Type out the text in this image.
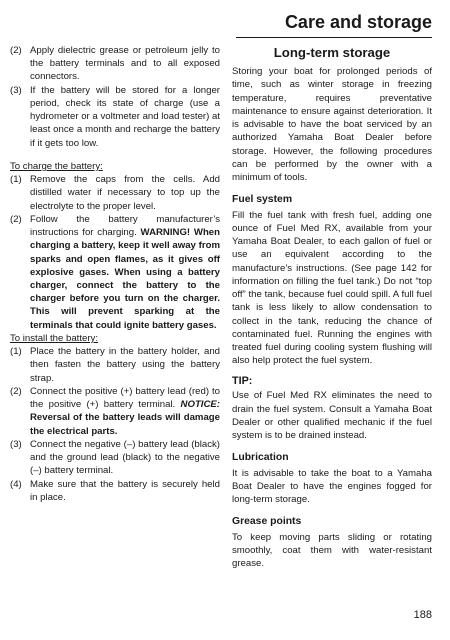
Care and storage
(2) Apply dielectric grease or petroleum jelly to the battery terminals and to all exposed connectors.
(3) If the battery will be stored for a longer period, check its state of charge (use a hydrometer or a voltmeter and load tester) at least once a month and recharge the battery if it gets too low.

To charge the battery:

(1) Remove the caps from the cells. Add distilled water if necessary to top up the electrolyte to the proper level.
(2) Follow the battery manufacturer’s instructions for charging. WARNING! When charging a battery, keep it well away from sparks and open flames, as it gives off explosive gases. When using a battery charger, connect the battery to the charger before you turn on the charger. This will prevent sparking at the terminals that could ignite battery gases.

To install the battery:

(1) Place the battery in the battery holder, and then fasten the battery using the battery strap.
(2) Connect the positive (+) battery lead (red) to the positive (+) battery terminal. NOTICE: Reversal of the battery leads will damage the electrical parts.
(3) Connect the negative (–) battery lead (black) and the ground lead (black) to the negative (–) battery terminal.
(4) Make sure that the battery is securely held in place.

Long-term storage

Storing your boat for prolonged periods of time, such as winter storage in freezing temperature, requires preventative maintenance to ensure against deterioration. It is advisable to have the boat serviced by an authorized Yamaha Boat Dealer before storage. However, the following procedures can be performed by the owner with a minimum of tools.

Fuel system

Fill the fuel tank with fresh fuel, adding one ounce of Fuel Med RX, available from your Yamaha Boat Dealer, to each gallon of fuel or use an equivalent according to the manufacture’s instructions. (See page 142 for information on filling the fuel tank.) Do not “top off” the tank, because fuel could spill. A full fuel tank is less likely to allow condensation to collect in the tank, reducing the chance of contaminated fuel. Running the engines with treated fuel during cooling system flushing will also help protect the fuel system.

TIP:

Use of Fuel Med RX eliminates the need to drain the fuel system. Consult a Yamaha Boat Dealer or other qualified mechanic if the fuel system is to be drained instead.

Lubrication

It is advisable to take the boat to a Yamaha Boat Dealer to have the engines fogged for long-term storage.

Grease points

To keep moving parts sliding or rotating smoothly, coat them with water-resistant grease.

188
